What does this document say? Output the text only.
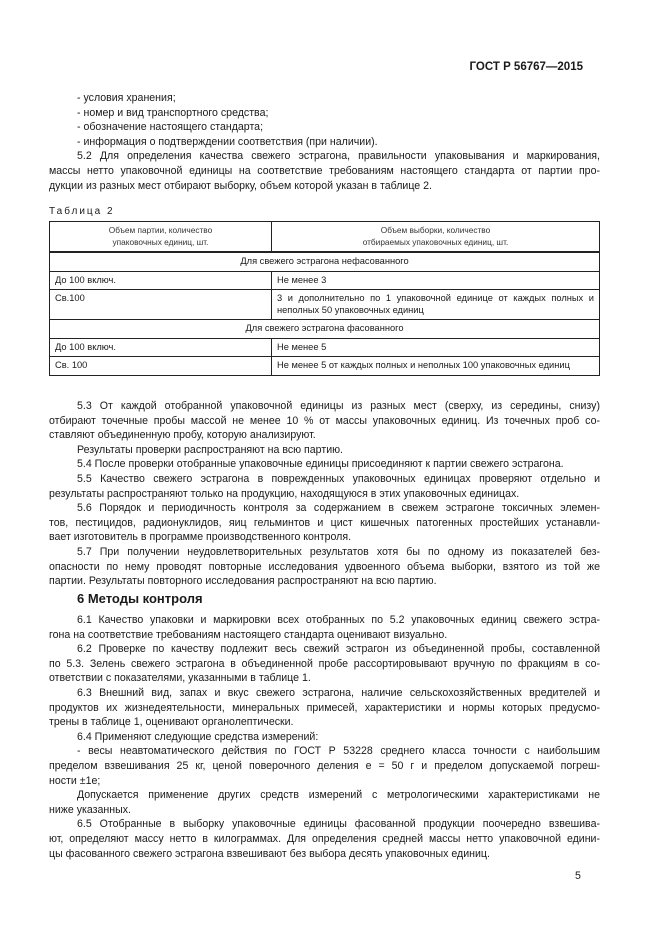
ГОСТ Р 56767—2015
- условия хранения;
- номер и вид транспортного средства;
- обозначение настоящего стандарта;
- информация о подтверждении соответствия (при наличии).
5.2 Для определения качества свежего эстрагона, правильности упаковывания и маркирования,
массы нетто упаковочной единицы на соответствие требованиям настоящего стандарта от партии про-
дукции из разных мест отбирают выборку, объем которой указан в таблице 2.
Таблица 2
Объем партии, количество
упаковочных единиц, шт.	Объем выборки, количество
отбираемых упаковочных единиц, шт.
Для свежего эстрагона нефасованного	
До 100 включ.	Не менее 3
Св.100	3 и дополнительно по 1 упаковочной единице от каждых полных и неполных 50 упаковочных единиц
Для свежего эстрагона фасованного	
До 100 включ.	Не менее 5
Св. 100	Не менее 5 от каждых полных и неполных 100 упаковочных единиц
5.3 От каждой отобранной упаковочной единицы из разных мест (сверху, из середины, снизу)
отбирают точечные пробы массой не менее 10 % от массы упаковочных единиц. Из точечных проб со-
ставляют объединенную пробу, которую анализируют.
Результаты проверки распространяют на всю партию.
5.4 После проверки отобранные упаковочные единицы присоединяют к партии свежего эстрагона.
5.5 Качество свежего эстрагона в поврежденных упаковочных единицах проверяют отдельно и
результаты распространяют только на продукцию, находящуюся в этих упаковочных единицах.
5.6 Порядок и периодичность контроля за содержанием в свежем эстрагоне токсичных элемен-
тов, пестицидов, радионуклидов, яиц гельминтов и цист кишечных патогенных простейших устанавли-
вает изготовитель в программе производственного контроля.
5.7 При получении неудовлетворительных результатов хотя бы по одному из показателей без-
опасности по нему проводят повторные исследования удвоенного объема выборки, взятого из той же
партии. Результаты повторного исследования распространяют на всю партию.
6 Методы контроля
6.1 Качество упаковки и маркировки всех отобранных по 5.2 упаковочных единиц свежего эстра-
гона на соответствие требованиям настоящего стандарта оценивают визуально.
6.2 Проверке по качеству подлежит весь свежий эстрагон из объединенной пробы, составленной
по 5.3. Зелень свежего эстрагона в объединенной пробе рассортировывают вручную по фракциям в со-
ответствии с показателями, указанными в таблице 1.
6.3 Внешний вид, запах и вкус свежего эстрагона, наличие сельскохозяйственных вредителей и
продуктов их жизнедеятельности, минеральных примесей, характеристики и нормы которых предусмо-
трены в таблице 1, оценивают органолептически.
6.4 Применяют следующие средства измерений:
- весы неавтоматического действия по ГОСТ Р 53228 среднего класса точности с наибольшим
пределом взвешивания 25 кг, ценой поверочного деления е = 50 г и пределом допускаемой погреш-
ности ±1е;
Допускается применение других средств измерений с метрологическими характеристиками не
ниже указанных.
6.5 Отобранные в выборку упаковочные единицы фасованной продукции поочередно взвешива-
ют, определяют массу нетто в килограммах. Для определения средней массы нетто упаковочной едини-
цы фасованного свежего эстрагона взвешивают без выбора десять упаковочных единиц.
5
